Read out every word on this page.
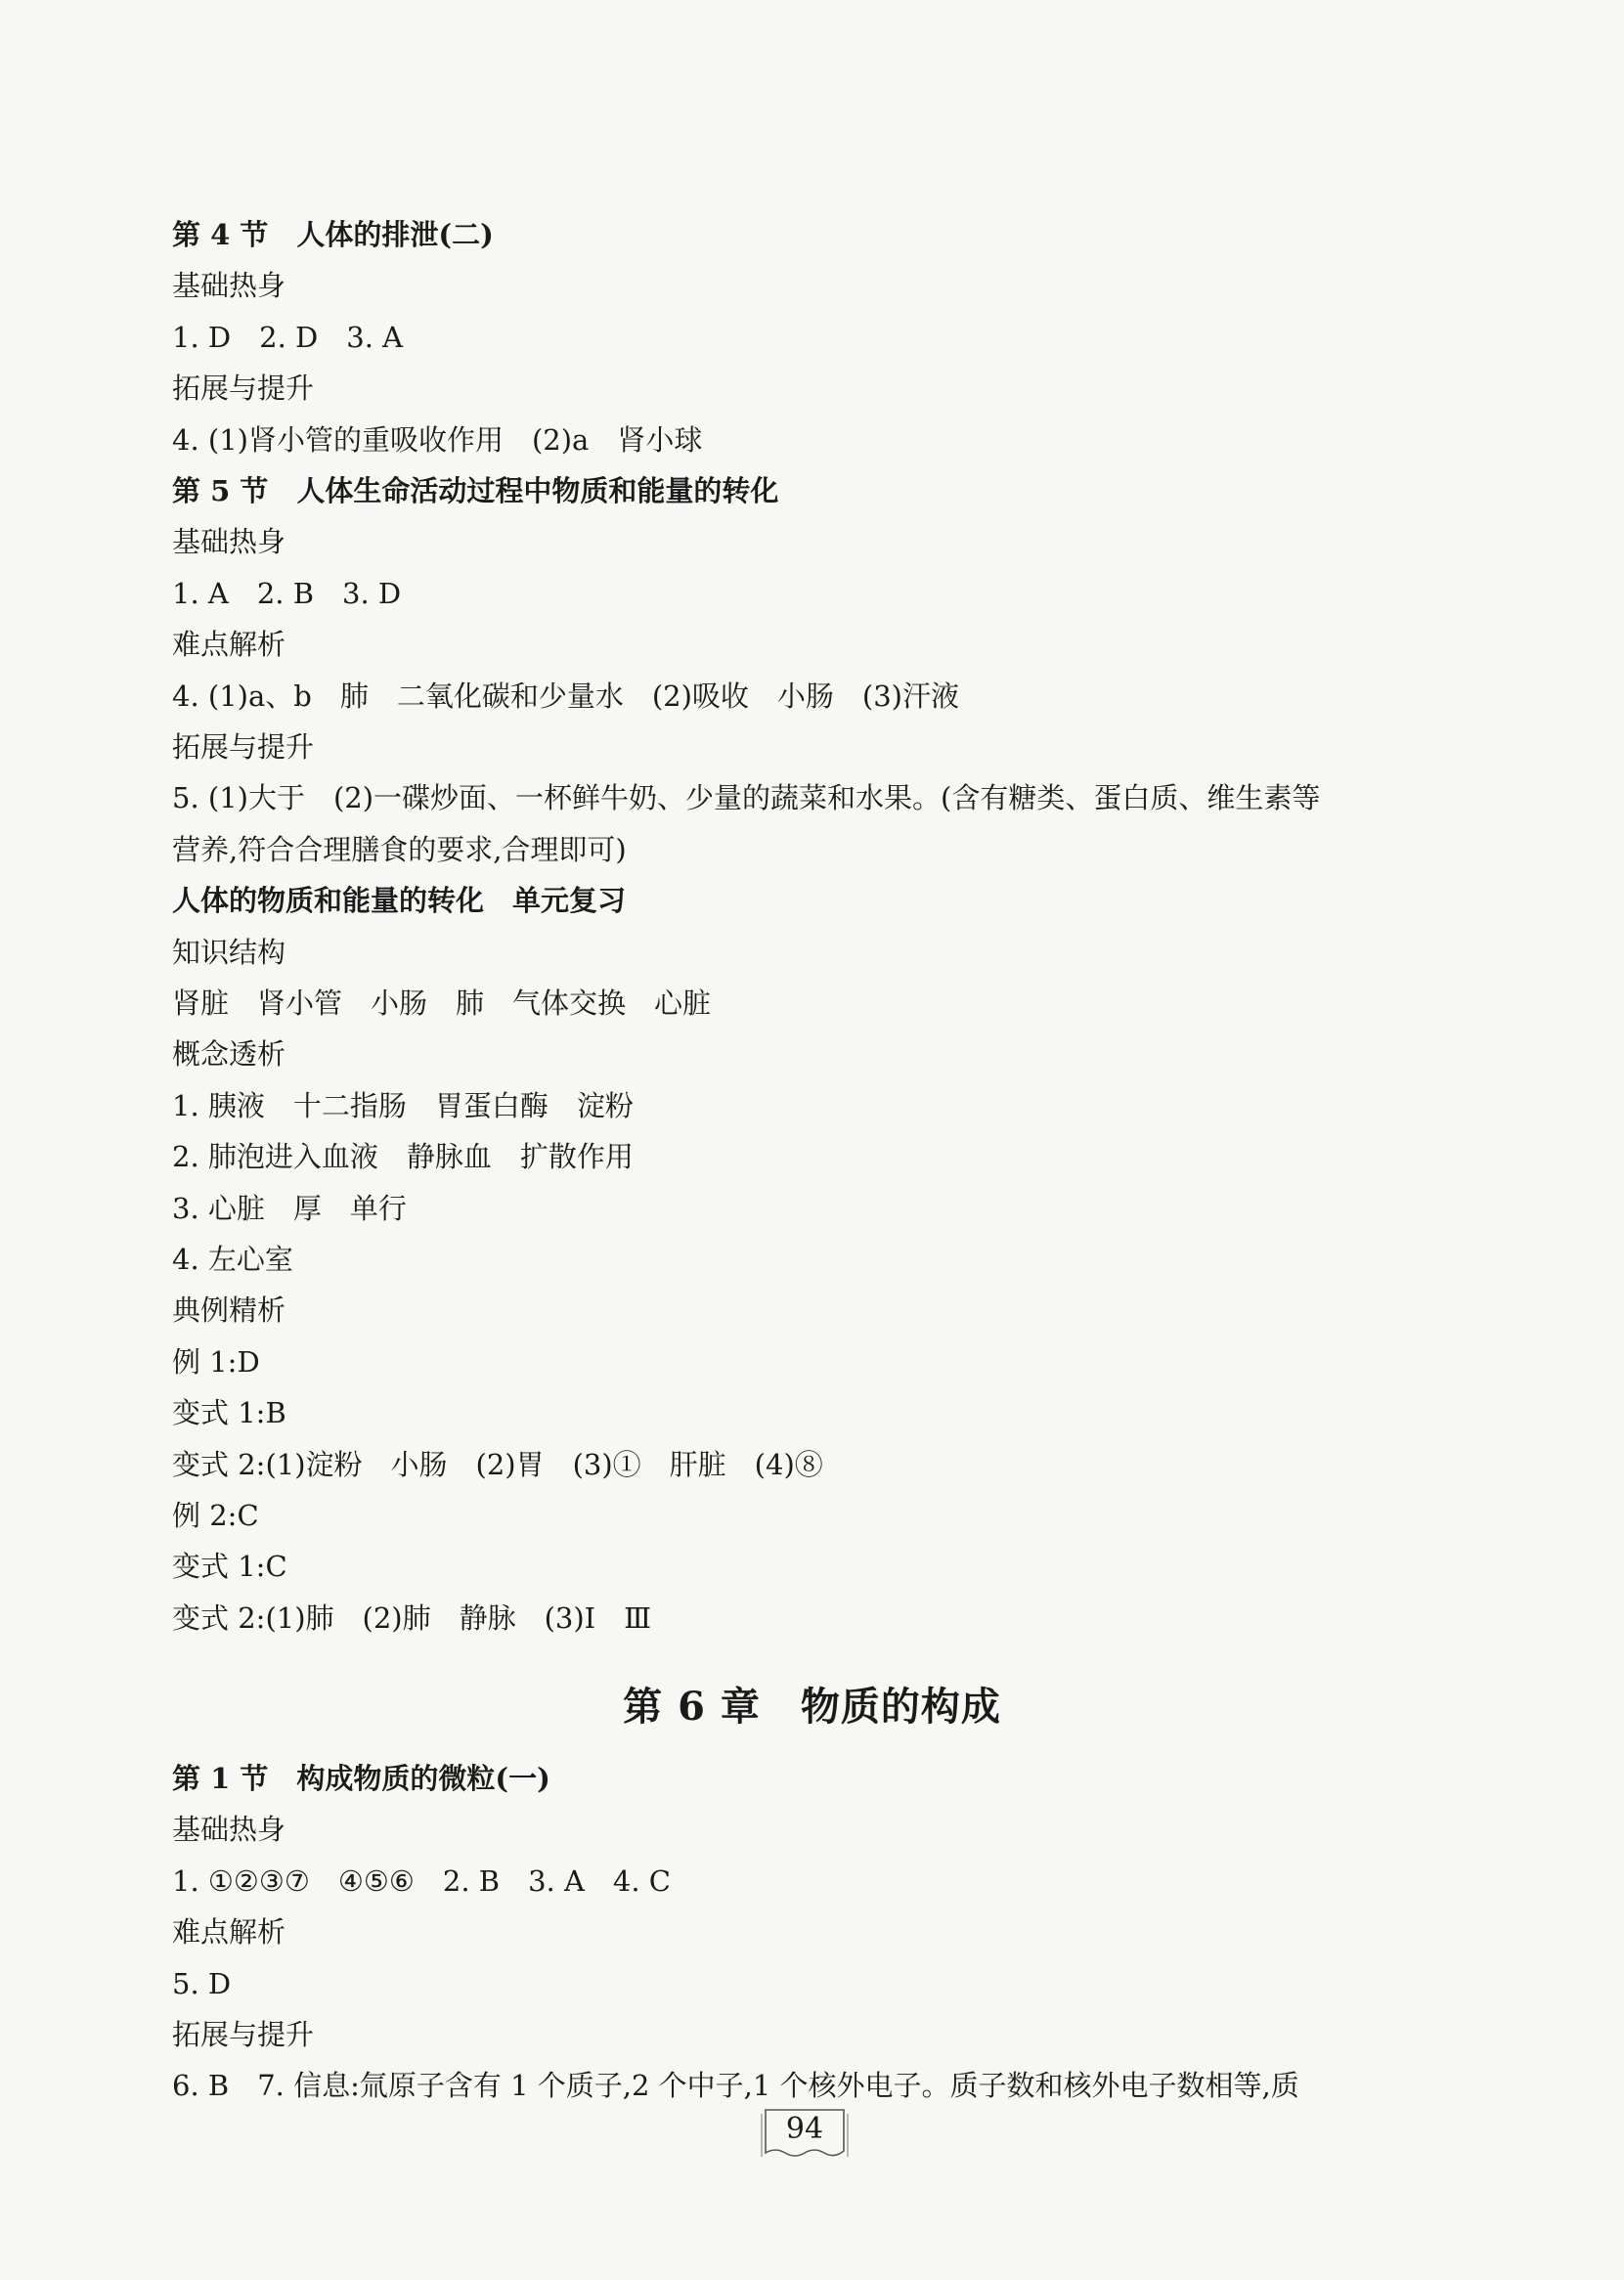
第 4 节　人体的排泄(二)
基础热身
1. D　2. D　3. A
拓展与提升
4. (1)肾小管的重吸收作用　(2)a　肾小球
第 5 节　人体生命活动过程中物质和能量的转化
基础热身
1. A　2. B　3. D
难点解析
4. (1)a、b　肺　二氧化碳和少量水　(2)吸收　小肠　(3)汗液
拓展与提升
5. (1)大于　(2)一碟炒面、一杯鲜牛奶、少量的蔬菜和水果。(含有糖类、蛋白质、维生素等
营养,符合合理膳食的要求,合理即可)
人体的物质和能量的转化　单元复习
知识结构
肾脏　肾小管　小肠　肺　气体交换　心脏
概念透析
1. 胰液　十二指肠　胃蛋白酶　淀粉
2. 肺泡进入血液　静脉血　扩散作用
3. 心脏　厚　单行
4. 左心室
典例精析
例 1:D
变式 1:B
变式 2:(1)淀粉　小肠　(2)胃　(3)①　肝脏　(4)⑧
例 2:C
变式 1:C
变式 2:(1)肺　(2)肺　静脉　(3)Ⅰ　Ⅲ
第 6 章　物质的构成
第 1 节　构成物质的微粒(一)
基础热身
1. ①②③⑦　④⑤⑥　2. B　3. A　4. C
难点解析
5. D
拓展与提升
6. B　7. 信息:氚原子含有 1 个质子,2 个中子,1 个核外电子。质子数和核外电子数相等,质
94
